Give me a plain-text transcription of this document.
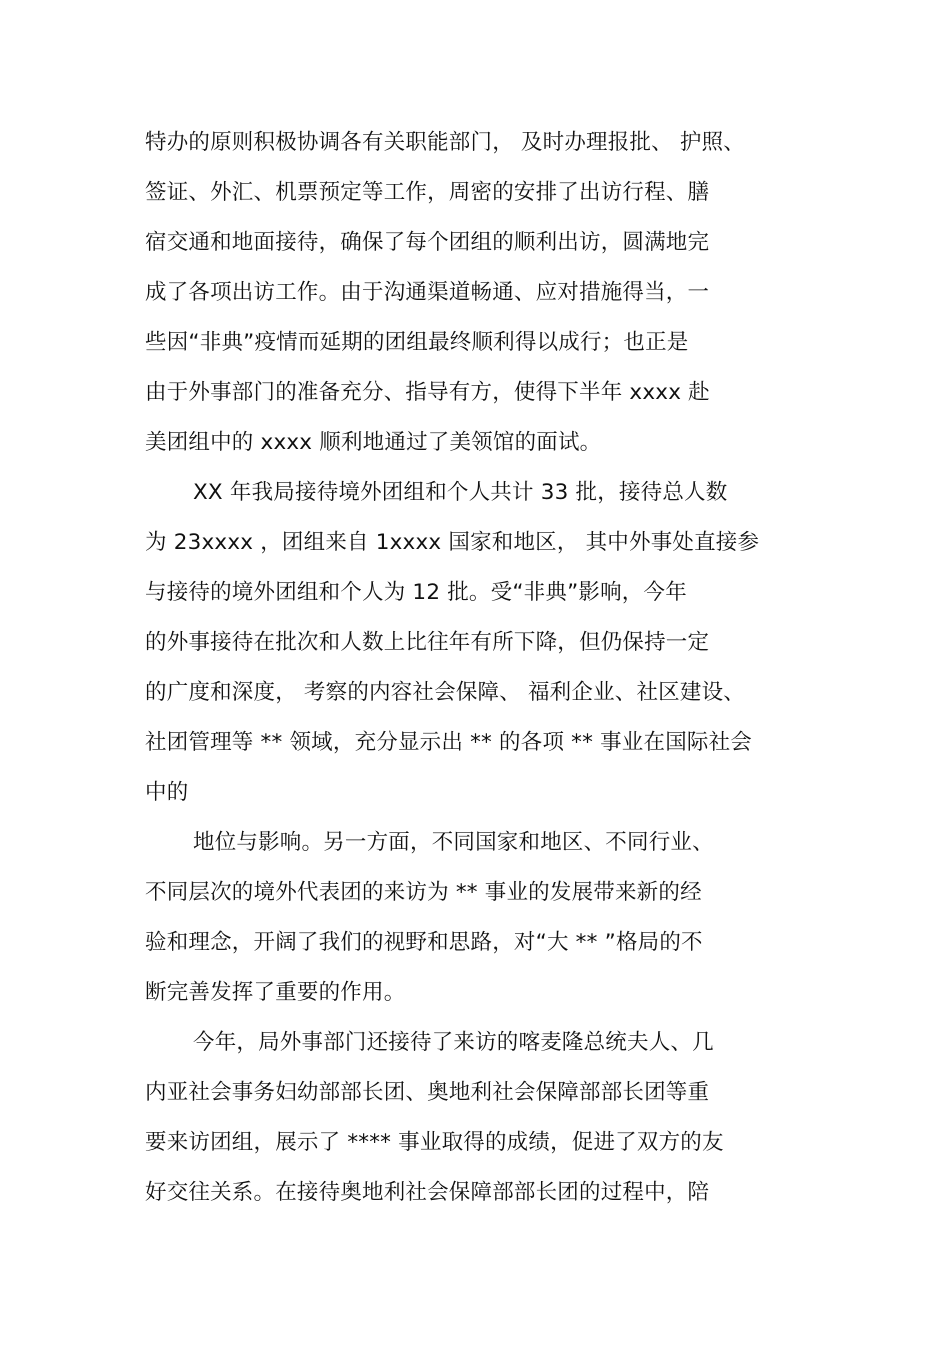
特办的原则积极协调各有关职能部门， 及时办理报批、 护照、
签证、外汇、机票预定等工作，周密的安排了出访行程、膳
宿交通和地面接待，确保了每个团组的顺利出访，圆满地完
成了各项出访工作。由于沟通渠道畅通、应对措施得当，一
些因“非典”疫情而延期的团组最终顺利得以成行；也正是
由于外事部门的准备充分、指导有方，使得下半年 xxxx 赴
美团组中的 xxxx 顺利地通过了美领馆的面试。
XX 年我局接待境外团组和个人共计 33 批，接待总人数
为 23xxxx ，团组来自 1xxxx 国家和地区， 其中外事处直接参
与接待的境外团组和个人为 12 批。受“非典”影响，今年
的外事接待在批次和人数上比往年有所下降，但仍保持一定
的广度和深度， 考察的内容社会保障、 福利企业、社区建设、
社团管理等 ** 领域，充分显示出 ** 的各项 ** 事业在国际社会
中的
地位与影响。另一方面，不同国家和地区、不同行业、
不同层次的境外代表团的来访为 ** 事业的发展带来新的经
验和理念，开阔了我们的视野和思路，对“大 ** ”格局的不
断完善发挥了重要的作用。
今年，局外事部门还接待了来访的喀麦隆总统夫人、几
内亚社会事务妇幼部部长团、奥地利社会保障部部长团等重
要来访团组，展示了 **** 事业取得的成绩，促进了双方的友
好交往关系。在接待奥地利社会保障部部长团的过程中，陪
